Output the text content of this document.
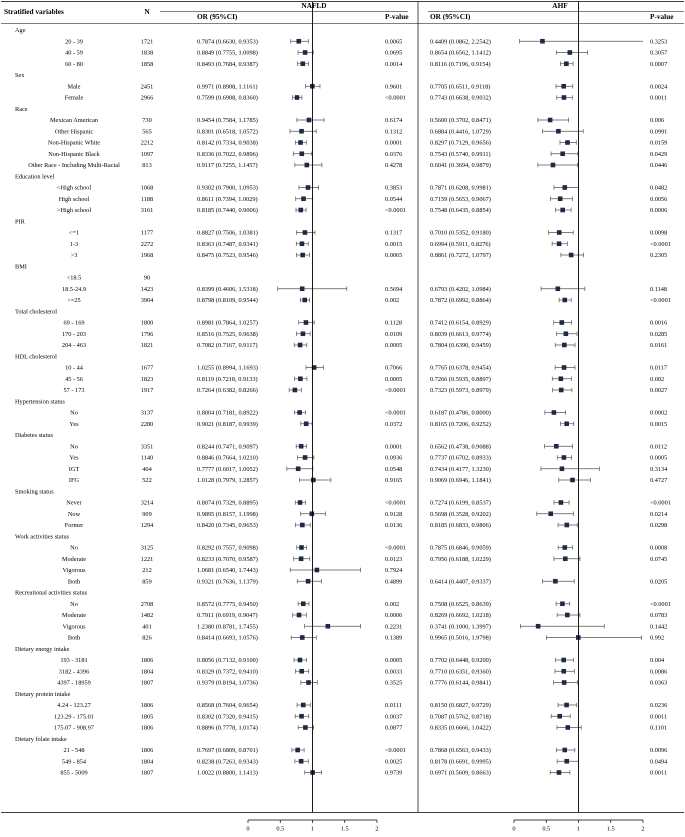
Stratified variables	N
NAFLD
OR (95%CI)	P-value
AHF
OR (95%CI)	P-value
Age
20 - 39	1721	0.7874 (0.6630, 0.9353)	0.0065	0.4409 (0.0862, 2.2542)	0.3253
40 - 59	1838	0.8849 (0.7755, 1.0098)	0.0695	0.8654 (0.6562, 1.1412)	0.3057
60 - 80	1858	0.8493 (0.7684, 0.9387)	0.0014	0.8116 (0.7196, 0.9154)	0.0007
Sex
Male	2451	0.9971 (0.8908, 1.1161)	0.9601	0.7705 (0.6511, 0.9118)	0.0024
Female	2966	0.7599 (0.6908, 0.8360)	<0.0001	0.7743 (0.6638, 0.9032)	0.0011
Race
Mexican American	730	0.9454 (0.7584, 1.1785)	0.6174	0.5600 (0.3702, 0.8471)	0.006
Other Hispanic	565	0.8301 (0.6518, 1.0572)	0.1312	0.6884 (0.4416, 1.0729)	0.0991
Non-Hispanic White	2212	0.8142 (0.7334, 0.9038)	0.0001	0.8297 (0.7129, 0.9656)	0.0159
Non-Hispanic Black	1097	0.8336 (0.7022, 0.9896)	0.0376	0.7543 (0.5740, 0.9911)	0.0429
Other Race - Including Multi-Racial	813	0.9117 (0.7255, 1.1457)	0.4278	0.6041 (0.3694, 0.9879)	0.0446
Education level
<High school	1068	0.9302 (0.7900, 1.0953)	0.3853	0.7871 (0.6208, 0.9981)	0.0482
High school	1188	0.8611 (0.7394, 1.0029)	0.0544	0.7159 (0.5653, 0.9067)	0.0056
>High school	3161	0.8185 (0.7440, 0.9006)	<0.0001	0.7548 (0.6435, 0.8854)	0.0006
PIR
<=1	1177	0.8827 (0.7506, 1.0381)	0.1317	0.7010 (0.5352, 0.9180)	0.0098
1-3	2272	0.8363 (0.7487, 0.9341)	0.0015	0.6994 (0.5911, 0.8276)	<0.0001
>3	1968	0.8475 (0.7523, 0.9546)	0.0065	0.8861 (0.7272, 1.0797)	0.2305
BMI
<18.5	90
18.5-24.9	1423	0.8399 (0.4606, 1.5318)	0.5694	0.6793 (0.4202, 1.0984)	0.1148
>=25	3904	0.8798 (0.8109, 0.9544)	0.002	0.7872 (0.6992, 0.8864)	<0.0001
Total cholesterol
69 - 169	1800	0.8981 (0.7864, 1.0257)	0.1128	0.7412 (0.6154, 0.8929)	0.0016
170 - 203	1796	0.8516 (0.7525, 0.9638)	0.0109	0.8039 (0.6613, 0.9774)	0.0285
204 - 463	1821	0.7082 (0.7167, 0.9117)	0.0005	0.7804 (0.6390, 0.9459)	0.0161
HDL cholesterol
10 - 44	1677	1.0255 (0.8994, 1.1693)	0.7066	0.7765 (0.6378, 0.9454)	0.0117
45 - 56	1823	0.8119 (0.7218, 0.9133)	0.0005	0.7266 (0.5935, 0.8897)	0.002
57 - 173	1917	0.7264 (0.6382, 0.8266)	<0.0001	0.7323 (0.5973, 0.8979)	0.0027
Hypertension status
No	3137	0.8004 (0.7181, 0.8922)	<0.0001	0.6187 (0.4786, 0.8000)	0.0002
Yes	2280	0.9021 (0.8187, 0.9939)	0.0372	0.8165 (0.7206, 0.9252)	0.0015
Diabetes status
No	3351	0.8244 (0.7471, 0.9097)	0.0001	0.6562 (0.4738, 0.9088)	0.0112
Yes	1140	0.8846 (0.7664, 1.0210)	0.0936	0.7737 (0.6702, 0.8933)	0.0005
IGT	404	0.7777 (0.6017, 1.0052)	0.0548	0.7434 (0.4177, 1.3230)	0.3134
IFG	522	1.0128 (0.7979, 1.2857)	0.9165	0.9069 (0.6946, 1.1841)	0.4727
Smoking status
Never	3214	0.8074 (0.7329, 0.8895)	<0.0001	0.7274 (0.6199, 0.8537)	<0.0001
Now	909	0.9895 (0.8157, 1.1998)	0.9128	0.5698 (0.3528, 0.9202)	0.0214
Former	1294	0.8420 (0.7345, 0.9653)	0.0136	0.8185 (0.6833, 0.9806)	0.0298
Work activities status
No	3125	0.8292 (0.7557, 0.9098)	<0.0001	0.7875 (0.6846, 0.9059)	0.0008
Moderate	1221	0.8233 (0.7070, 0.9587)	0.0123	0.7956 (0.6188, 1.0229)	0.0745
Vigorous	212	1.0681 (0.6540, 1.7443)	0.7924
Both	859	0.9321 (0.7636, 1.1379)	0.4899	0.6414 (0.4407, 0.9337)	0.0205
Recreational activities status
No	2708	0.8572 (0.7775, 0.9450)	0.002	0.7508 (0.6525, 0.8639)	<0.0001
Moderate	1482	0.7911 (0.6919, 0.9047)	0.0006	0.8269 (0.6692, 1.0218)	0.0783
Vigorous	401	1.2380 (0.8781, 1.7455)	0.2231	0.3741 (0.1000, 1.3997)	0.1442
Both	826	0.8414 (0.6693, 1.0576)	0.1389	0.9965 (0.5016, 1.9798)	0.992
Dietary energy intake
193 - 3181	1806	0.8056 (0.7132, 0.9100)	0.0005	0.7702 (0.6448, 0.9200)	0.004
3182 - 4396	1804	0.8329 (0.7372, 0.9410)	0.0033	0.7710 (0.6351, 0.9360)	0.0086
4397 - 18959	1807	0.9379 (0.8194, 1.0736)	0.3525	0.7776 (0.6144, 0.9841)	0.0363
Dietary protein intake
4.24 - 123.27	1806	0.8568 (0.7604, 0.9654)	0.0111	0.8150 (0.6827, 0.9729)	0.0236
123.29 - 175.01	1805	0.8302 (0.7320, 0.9415)	0.0037	0.7087 (0.5762, 0.8718)	0.0011
175.07 - 908.97	1806	0.8896 (0.7778, 1.0174)	0.0877	0.8335 (0.6666, 1.0422)	0.1101
Dietary folate intake
21 - 548	1806	0.7697 (0.6809, 0.8701)	<0.0001	0.7868 (0.6563, 0.9433)	0.0096
549 - 854	1804	0.8238 (0.7263, 0.9343)	0.0025	0.8178 (0.6691, 0.9995)	0.0494
855 - 5009	1807	1.0022 (0.8800, 1.1413)	0.9739	0.6971 (0.5609, 0.8663)	0.0011
0	0.5	1	1.5	2	0	0.5	1	1.5	2
